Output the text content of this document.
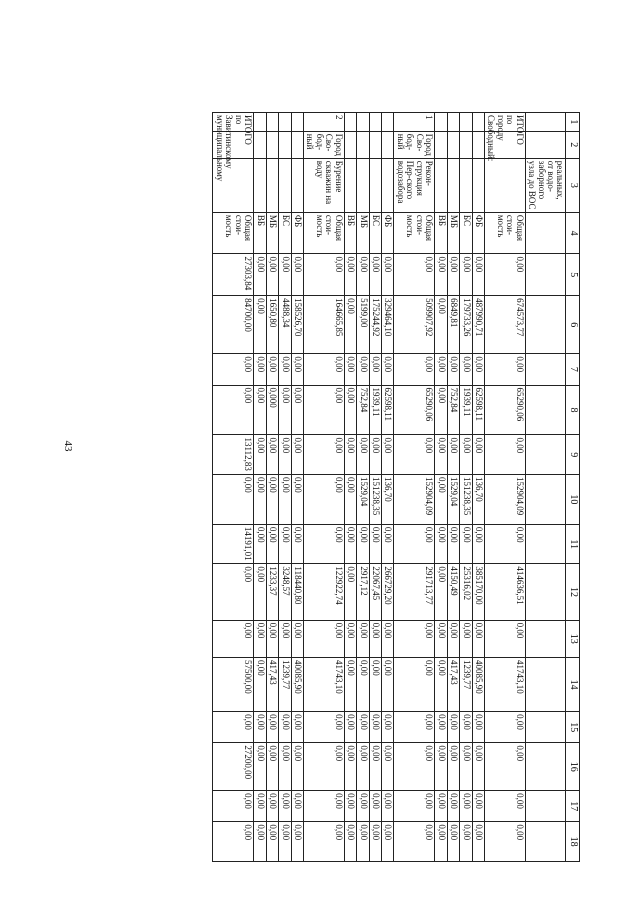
43
1	2	3	4	5	6	7	8	9	10	11	12	13	14	15	16	17	18
		реальных, от водо-заборного узла до ВОС															
ИТОГО по городу Свободный:			Общая стои-мость	0,00	674573,77	0,00	65290,06	0,00	152904,09	0,00	414636,51	0,00	41743,10	0,00	0,00	0,00	0,00
			ФБ	0,00	487990,71	0,00	62598,11	0,00	136,70	0,00	385170,00	0,00	40085,90	0,00	0,00	0,00	0,00
			БС	0,00	179733,26	0,00	1939,11	0,00	151238,35	0,00	25316,02	0,00	1239,77	0,00	0,00	0,00	0,00
			МБ	0,00	6849,81	0,00	752,84	0,00	1529,04	0,00	4150,49	0,00	417,43	0,00	0,00	0,00	0,00
			ВБ	0,00	0,00	0,00	0,00	0,00	0,00	0,00	0,00	0,00	0,00	0,00	0,00	0,00	0,00
1	Город Сво-бод-ный	Рекон-струкция Пер-ского водозабора	Общая стои-мость	0,00	509907,92	0,00	65290,06	0,00	152904,09	0,00	291713,77	0,00	0,00	0,00	0,00	0,00	0,00
			ФБ	0,00	329464,10	0,00	62598,11	0,00	136,70	0,00	266729,20	0,00	0,00	0,00	0,00	0,00	0,00
			БС	0,00	175244,92	0,00	1939,11	0,00	151238,35	0,00	22067,45	0,00	0,00	0,00	0,00	0,00	0,00
			МБ	0,00	5199,00	0,00	752,84	0,00	1529,04	0,00	2917,12	0,00	0,00	0,00	0,00	0,00	0,00
			ВБ	0,00	0,00	0,00	0,00	0,00	0,00	0,00	0,00	0,00	0,00	0,00	0,00	0,00	0,00
2	Город Сво-бод-ный	Бурение скважин на воду	Общая стои-мость	0,00	164665,85	0,00	0,00	0,00	0,00	0,00	122922,74	0,00	41743,10	0,00	0,00	0,00	0,00
			ФБ	0,00	158526,70	0,00	0,00	0,00	0,00	0,00	118440,80	0,00	40085,90	0,00	0,00	0,00	0,00
			БС	0,00	4488,34	0,00	0,00	0,00	0,00	0,00	3248,57	0,00	1239,77	0,00	0,00	0,00	0,00
			МБ	0,00	1650,80	0,00	0,000	0,00	0,00	0,00	1233,37	0,00	417,43	0,00	0,00	0,00	0,00
			ВБ	0,00	0,00	0,00	0,00	0,00	0,00	0,00	0,00	0,00	0,00	0,00	0,00	0,00	0,00
ИТОГО по Завитинскому муниципальному			Общая стои-мость	27303,84	84700,00	0,00	0,00	13112,83	0,00	14191,01	0,00	0,00	57500,00	0,00	27200,00	0,00	0,00
